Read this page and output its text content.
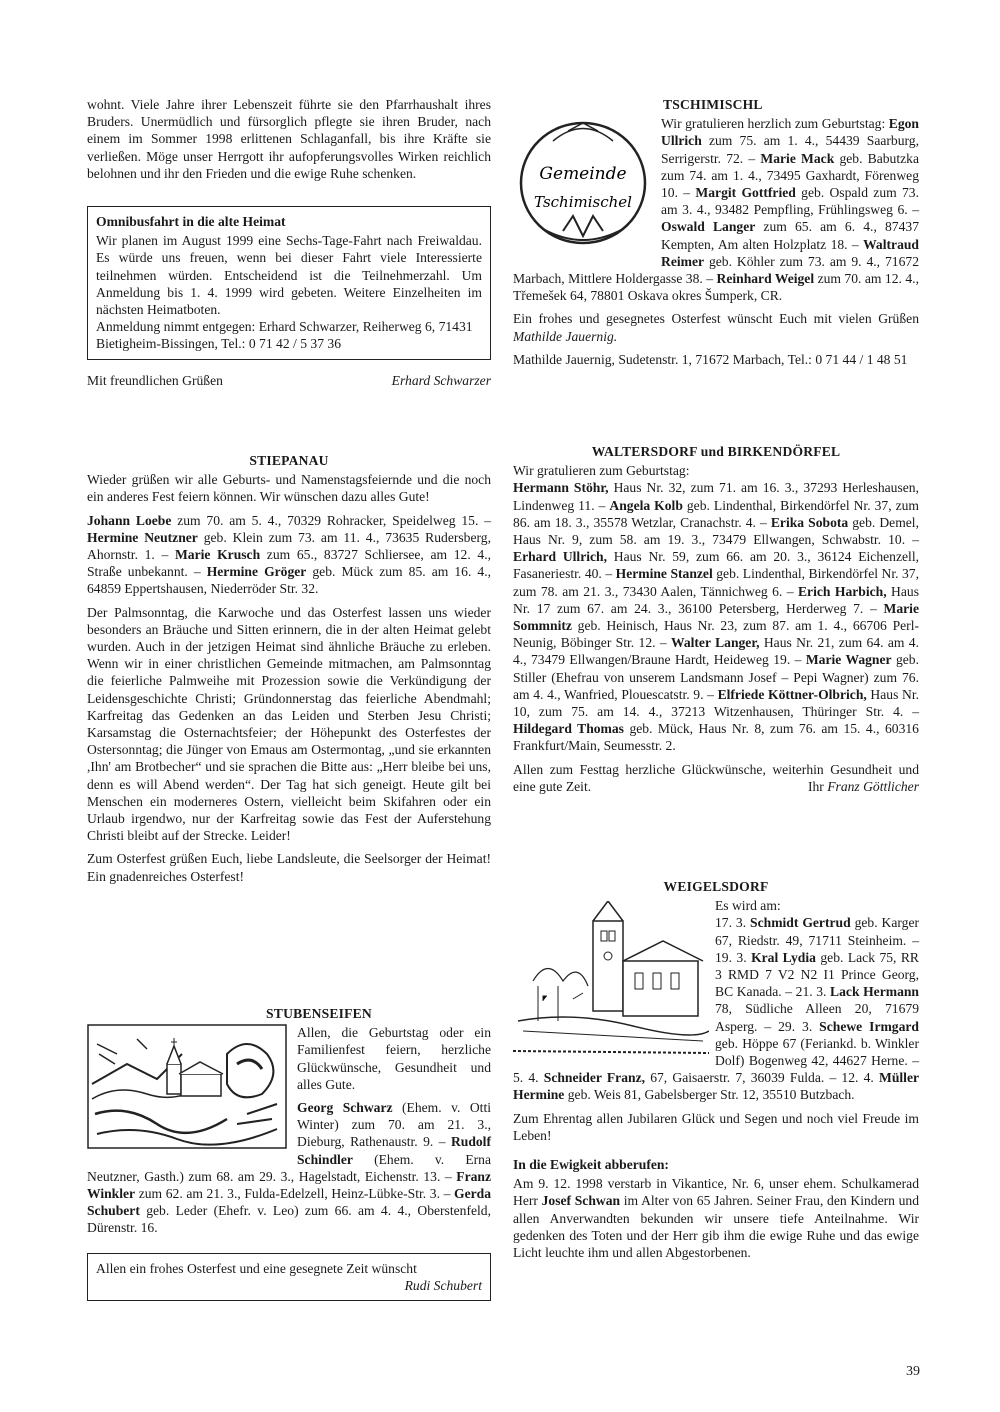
wohnt. Viele Jahre ihrer Lebenszeit führte sie den Pfarrhaushalt ihres Bruders. Unermüdlich und fürsorglich pflegte sie ihren Bruder, nach einem im Sommer 1998 erlittenen Schlaganfall, bis ihre Kräfte sie verließen. Möge unser Herrgott ihr aufopferungsvolles Wirken reichlich belohnen und ihr den Frieden und die ewige Ruhe schenken.

Omnibusfahrt in die alte Heimat
Wir planen im August 1999 eine Sechs-Tage-Fahrt nach Freiwaldau. Es würde uns freuen, wenn bei dieser Fahrt viele Interessierte teilnehmen würden. Entscheidend ist die Teilnehmerzahl. Um Anmeldung bis 1. 4. 1999 wird gebeten. Weitere Einzelheiten im nächsten Heimatboten.
Anmeldung nimmt entgegen: Erhard Schwarzer, Reiherweg 6, 71431 Bietigheim-Bissingen, Tel.: 0 71 42 / 5 37 36
Mit freundlichen Grüßen	Erhard Schwarzer
STIEPANAU

Wieder grüßen wir alle Geburts- und Namenstagsfeiernde und die noch ein anderes Fest feiern können. Wir wünschen dazu alles Gute!

Johann Loebe zum 70. am 5. 4., 70329 Rohracker, Speidelweg 15. – Hermine Neutzner geb. Klein zum 73. am 11. 4., 73635 Rudersberg, Ahornstr. 1. – Marie Krusch zum 65., 83727 Schliersee, am 12. 4., Straße unbekannt. – Hermine Gröger geb. Mück zum 85. am 16. 4., 64859 Eppertshausen, Niederröder Str. 32.

Der Palmsonntag, die Karwoche und das Osterfest lassen uns wieder besonders an Bräuche und Sitten erinnern, die in der alten Heimat gelebt wurden. Auch in der jetzigen Heimat sind ähnliche Bräuche zu erleben. Wenn wir in einer christlichen Gemeinde mitmachen, am Palmsonntag die feierliche Palmweihe mit Prozession sowie die Verkündigung der Leidensgeschichte Christi; Gründonnerstag das feierliche Abendmahl; Karfreitag das Gedenken an das Leiden und Sterben Jesu Christi; Karsamstag die Osternachtsfeier; der Höhepunkt des Osterfestes der Ostersonntag; die Jünger von Emaus am Ostermontag, „und sie erkannten ,Ihn' am Brotbecher“ und sie sprachen die Bitte aus: „Herr bleibe bei uns, denn es will Abend werden“. Der Tag hat sich geneigt. Heute gilt bei Menschen ein moderneres Ostern, vielleicht beim Skifahren oder ein Urlaub irgendwo, nur der Karfreitag sowie das Fest der Auferstehung Christi bleibt auf der Strecke. Leider!

Zum Osterfest grüßen Euch, liebe Landsleute, die Seelsorger der Heimat! Ein gnadenreiches Osterfest!

STUBENSEIFEN

Allen, die Geburtstag oder ein Familienfest feiern, herzliche Glückwünsche, Gesundheit und alles Gute.

Georg Schwarz (Ehem. v. Otti Winter) zum 70. am 21. 3., Dieburg, Rathenaustr. 9. – Rudolf Schindler (Ehem. v. Erna Neutzner, Gasth.) zum 68. am 29. 3., Hagelstadt, Eichenstr. 13. – Franz Winkler zum 62. am 21. 3., Fulda-Edelzell, Heinz-Lübke-Str. 3. – Gerda Schubert geb. Leder (Ehefr. v. Leo) zum 66. am 4. 4., Oberstenfeld, Dürenstr. 16.

Allen ein frohes Osterfest und eine gesegnete Zeit wünscht
Rudi Schubert
TSCHIMISCHL
Gemeinde
Tschimischel

Wir gratulieren herzlich zum Geburtstag: Egon Ullrich zum 75. am 1. 4., 54439 Saarburg, Serrigerstr. 72. – Marie Mack geb. Babutzka zum 74. am 1. 4., 73495 Gaxhardt, Förenweg 10. – Margit Gottfried geb. Ospald zum 73. am 3. 4., 93482 Pempfling, Frühlingsweg 6. – Oswald Langer zum 65. am 6. 4., 87437 Kempten, Am alten Holzplatz 18. – Waltraud Reimer geb. Köhler zum 73. am 9. 4., 71672 Marbach, Mittlere Holdergasse 38. – Reinhard Weigel zum 70. am 12. 4., Třemešek 64, 78801 Oskava okres Šumperk, CR.

Ein frohes und gesegnetes Osterfest wünscht Euch mit vielen Grüßen Mathilde Jauernig.

Mathilde Jauernig, Sudetenstr. 1, 71672 Marbach, Tel.: 0 71 44 / 1 48 51

WALTERSDORF und BIRKENDÖRFEL
Wir gratulieren zum Geburtstag:

Hermann Stöhr, Haus Nr. 32, zum 71. am 16. 3., 37293 Herleshausen, Lindenweg 11. – Angela Kolb geb. Lindenthal, Birkendörfel Nr. 37, zum 86. am 18. 3., 35578 Wetzlar, Cranachstr. 4. – Erika Sobota geb. Demel, Haus Nr. 9, zum 58. am 19. 3., 73479 Ellwangen, Schwabstr. 10. – Erhard Ullrich, Haus Nr. 59, zum 66. am 20. 3., 36124 Eichenzell, Fasaneriestr. 40. – Hermine Stanzel geb. Lindenthal, Birkendörfel Nr. 37, zum 78. am 21. 3., 73430 Aalen, Tännichweg 6. – Erich Harbich, Haus Nr. 17 zum 67. am 24. 3., 36100 Petersberg, Herderweg 7. – Marie Sommnitz geb. Heinisch, Haus Nr. 23, zum 87. am 1. 4., 66706 Perl-Neunig, Böbinger Str. 12. – Walter Langer, Haus Nr. 21, zum 64. am 4. 4., 73479 Ellwangen/Braune Hardt, Heideweg 19. – Marie Wagner geb. Stiller (Ehefrau von unserem Landsmann Josef – Pepi Wagner) zum 76. am 4. 4., Wanfried, Plouescatstr. 9. – Elfriede Köttner-Olbrich, Haus Nr. 10, zum 75. am 14. 4., 37213 Witzenhausen, Thüringer Str. 4. – Hildegard Thomas geb. Mück, Haus Nr. 8, zum 76. am 15. 4., 60316 Frankfurt/Main, Seumesstr. 2.

Allen zum Festtag herzliche Glückwünsche, weiterhin Gesundheit und eine gute Zeit.	Ihr Franz Göttlicher

WEIGELSDORF
Es wird am:

17. 3. Schmidt Gertrud geb. Karger 67, Riedstr. 49, 71711 Steinheim. – 19. 3. Kral Lydia geb. Lack 75, RR 3 RMD 7 V2 N2 I1 Prince Georg, BC Kanada. – 21. 3. Lack Hermann 78, Südliche Alleen 20, 71679 Asperg. – 29. 3. Schewe Irmgard geb. Höppe 67 (Feriankd. b. Winkler Dolf) Bogenweg 42, 44627 Herne. – 5. 4. Schneider Franz, 67, Gaisaerstr. 7, 36039 Fulda. – 12. 4. Müller Hermine geb. Weis 81, Gabelsberger Str. 12, 35510 Butzbach.

Zum Ehrentag allen Jubilaren Glück und Segen und noch viel Freude im Leben!

In die Ewigkeit abberufen:

Am 9. 12. 1998 verstarb in Vikantice, Nr. 6, unser ehem. Schulkamerad Herr Josef Schwan im Alter von 65 Jahren. Seiner Frau, den Kindern und allen Anverwandten bekunden wir unsere tiefe Anteilnahme. Wir gedenken des Toten und der Herr gib ihm die ewige Ruhe und das ewige Licht leuchte ihm und allen Abgestorbenen.

39
